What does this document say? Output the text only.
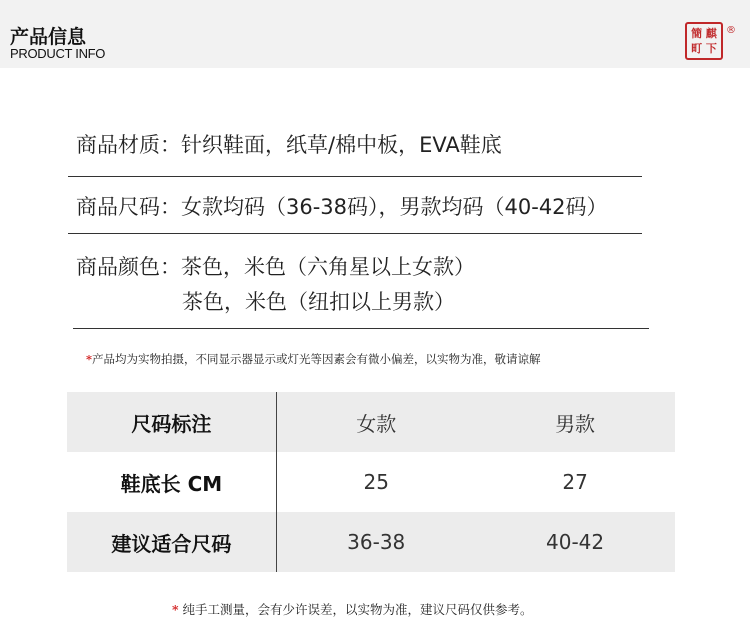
产品信息
PRODUCT INFO
簡 麒
町 下
®
商品材质：针织鞋面，纸草/棉中板，EVA鞋底
商品尺码：女款均码（36-38码），男款均码（40-42码）
商品颜色：茶色，米色（六角星以上女款）
茶色，米色（纽扣以上男款）
*产品均为实物拍摄，不同显示器显示或灯光等因素会有微小偏差，以实物为准，敬请谅解
尺码标注	女款	男款
鞋底长 CM	25	27
建议适合尺码	36-38	40-42
* 纯手工测量，会有少许误差，以实物为准，建议尺码仅供参考。
